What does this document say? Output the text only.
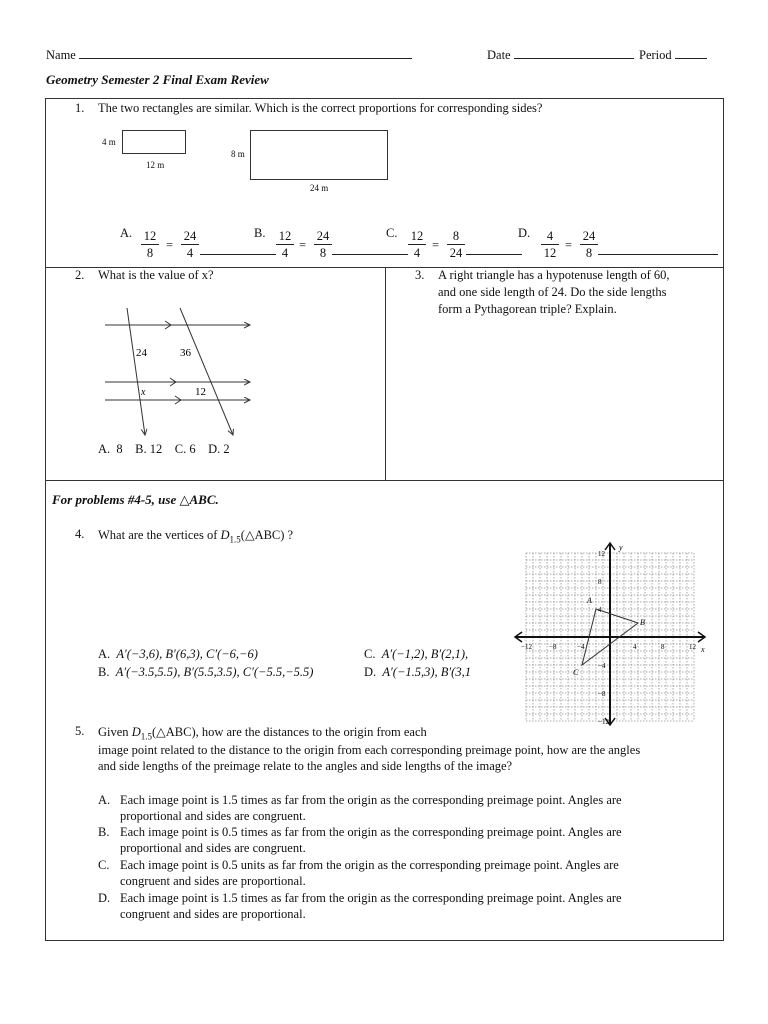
Name	Date	Period
Geometry Semester 2 Final Exam Review
1. The two rectangles are similar. Which is the correct proportions for corresponding sides?
4 m
12 m
8 m
24 m
A. 12
8
=
24
4
B. 12
4
=
24
8
C. 12
4
=
8
24
D.	4
12
=
24
8
2. What is the value of x?
24	36
x	12
A.  8    B. 12    C. 6    D. 2
3. A right triangle has a hypotenuse length of 60,
and one side length of 24. Do the side lengths
form a Pythagorean triple? Explain.
For problems #4-5, use △ABC.
4. What are the vertices of $D_{1.5}(\triangle ABC)$ ?
A. A′(−3,6), B′(6,3), C′(−6,−6)	C. A′(−1,2), B′(2,1),
B. A′(−3.5,5.5), B′(5.5,3.5), C′(−5.5,−5.5)	D. A′(−1.5,3), B′(3,1
x
y
−12 −8	−4	4	8	12
12
8
4
−4
−8
−12
A
B
C
5. Given $D_{1.5}(\triangle ABC)$, how are the distances to the origin from each
image point related to the distance to the origin from each corresponding preimage point, how are the angles
and side lengths of the preimage relate to the angles and side lengths of the image?
A. Each image point is 1.5 times as far from the origin as the corresponding preimage point. Angles are
proportional and sides are congruent.
B. Each image point is 0.5 times as far from the origin as the corresponding preimage point. Angles are
proportional and sides are congruent.
C. Each image point is 0.5 units as far from the origin as the corresponding preimage point. Angles are
congruent and sides are proportional.
D. Each image point is 1.5 times as far from the origin as the corresponding preimage point. Angles are
congruent and sides are proportional.
